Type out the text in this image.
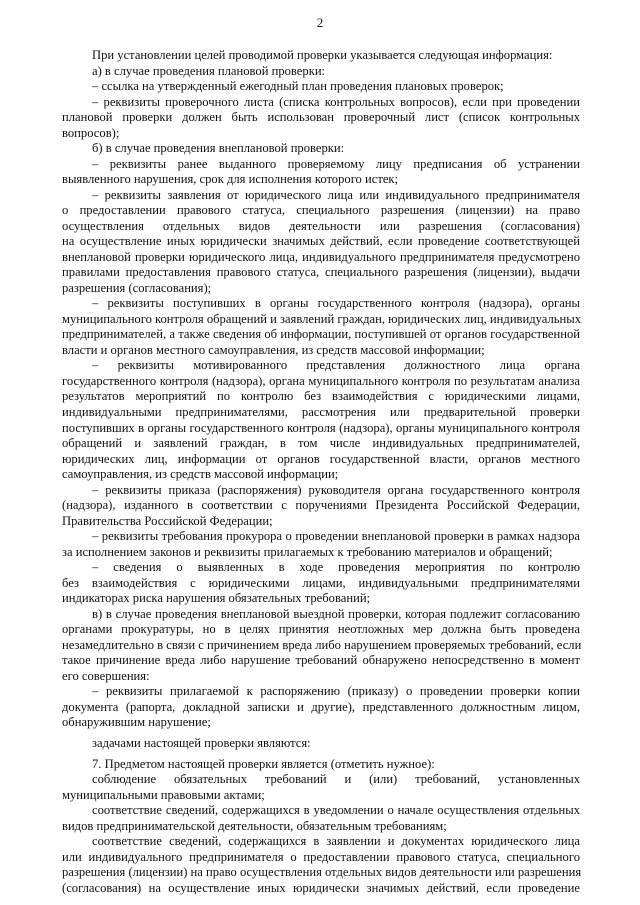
2
При установлении целей проводимой проверки указывается следующая информация:
а) в случае проведения плановой проверки:
– ссылка на утвержденный ежегодный план проведения плановых проверок;
– реквизиты проверочного листа (списка контрольных вопросов), если при проведении
плановой проверки должен быть использован проверочный лист (список контрольных
вопросов);
б) в случае проведения внеплановой проверки:
– реквизиты ранее выданного проверяемому лицу предписания об устранении
выявленного нарушения, срок для исполнения которого истек;
– реквизиты заявления от юридического лица или индивидуального предпринимателя
о предоставлении правового статуса, специального разрешения (лицензии) на право
осуществления отдельных видов деятельности или разрешения (согласования)
на осуществление иных юридически значимых действий, если проведение соответствующей
внеплановой проверки юридического лица, индивидуального предпринимателя предусмотрено
правилами предоставления правового статуса, специального разрешения (лицензии), выдачи
разрешения (согласования);
– реквизиты поступивших в органы государственного контроля (надзора), органы
муниципального контроля обращений и заявлений граждан, юридических лиц, индивидуальных
предпринимателей, а также сведения об информации, поступившей от органов государственной
власти и органов местного самоуправления, из средств массовой информации;
– реквизиты мотивированного представления должностного лица органа
государственного контроля (надзора), органа муниципального контроля по результатам анализа
результатов мероприятий по контролю без взаимодействия с юридическими лицами,
индивидуальными предпринимателями, рассмотрения или предварительной проверки
поступивших в органы государственного контроля (надзора), органы муниципального контроля
обращений и заявлений граждан, в том числе индивидуальных предпринимателей,
юридических лиц, информации от органов государственной власти, органов местного
самоуправления, из средств массовой информации;
– реквизиты приказа (распоряжения) руководителя органа государственного контроля
(надзора), изданного в соответствии с поручениями Президента Российской Федерации,
Правительства Российской Федерации;
– реквизиты требования прокурора о проведении внеплановой проверки в рамках надзора
за исполнением законов и реквизиты прилагаемых к требованию материалов и обращений;
– сведения о выявленных в ходе проведения мероприятия по контролю
без взаимодействия с юридическими лицами, индивидуальными предпринимателями
индикаторах риска нарушения обязательных требований;
в) в случае проведения внеплановой выездной проверки, которая подлежит согласованию
органами прокуратуры, но в целях принятия неотложных мер должна быть проведена
незамедлительно в связи с причинением вреда либо нарушением проверяемых требований, если
такое причинение вреда либо нарушение требований обнаружено непосредственно в момент
его совершения:
– реквизиты прилагаемой к распоряжению (приказу) о проведении проверки копии
документа (рапорта, докладной записки и другие), представленного должностным лицом,
обнаружившим нарушение;
задачами настоящей проверки являются:
7. Предметом настоящей проверки является (отметить нужное):
соблюдение обязательных требований и (или) требований, установленных
муниципальными правовыми актами;
соответствие сведений, содержащихся в уведомлении о начале осуществления отдельных
видов предпринимательской деятельности, обязательным требованиям;
соответствие сведений, содержащихся в заявлении и документах юридического лица
или индивидуального предпринимателя о предоставлении правового статуса, специального
разрешения (лицензии) на право осуществления отдельных видов деятельности или разрешения
(согласования) на осуществление иных юридически значимых действий, если проведение
